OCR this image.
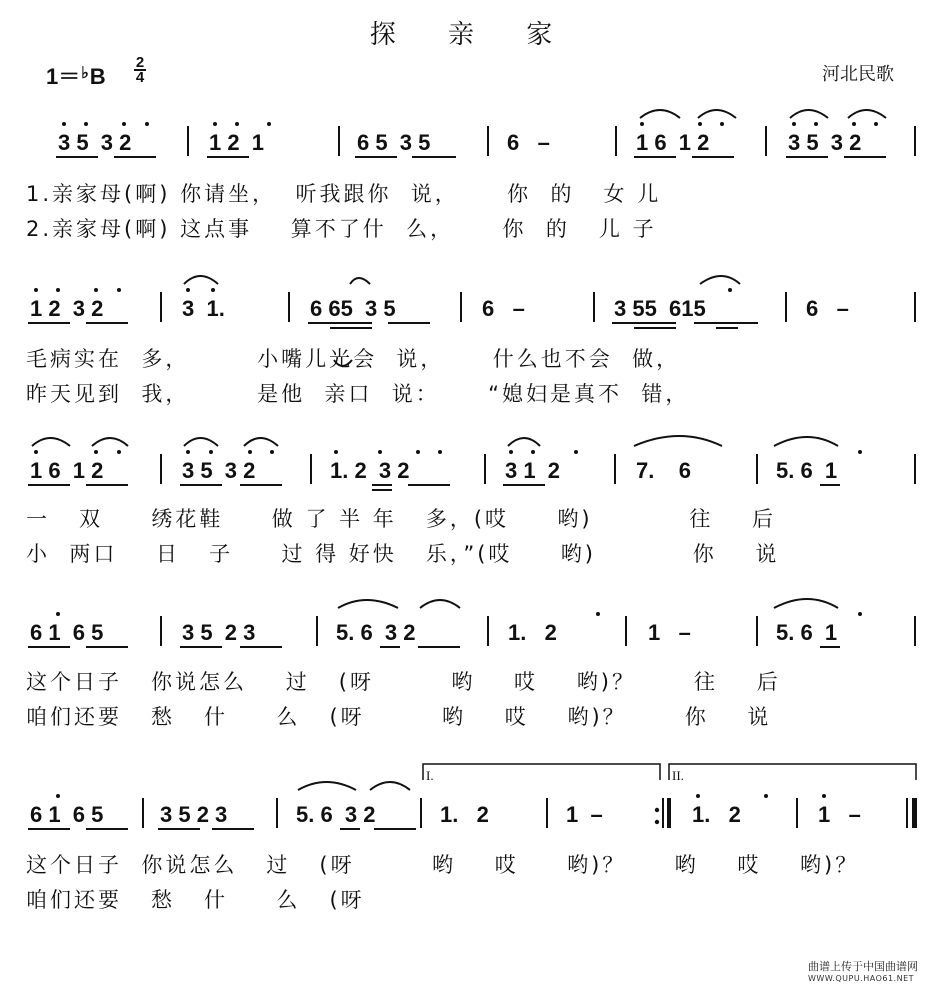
探 亲 家
1＝♭B
2
4	河北民歌
3 5  3 2	1 2  1	6 5  3 5	6   –	1 6  1 2	3 5  3 2
1.亲家母(啊) 你请坐，  听我跟你  说，     你  的   女 儿
2.亲家母(啊) 这点事    算不了什  么，     你  的   儿 子
1 2  3 2	3  1.	6 65  3 5	6   –	3 55  615	6   –
毛病实在  多，       小嘴儿光会  说，     什么也不会  做，
昨天见到  我，       是他  亲口  说：     “媳妇是真不  错，
1 6  1 2	3 5  3 2	1. 2  3 2	3 1  2	7.    6	5. 6  1
一   双     绣花鞋     做 了 半 年   多，(哎     哟)          往    后
小  两口    日   子     过 得 好快   乐，”(哎     哟)          你    说
6 1  6 5	3 5  2 3	5. 6  3 2	1.   2	1   –	5. 6  1
这个日子   你说怎么    过   (呀        哟    哎    哟)？      往    后
咱们还要   愁   什     么   (呀        哟    哎    哟)？      你    说
6 1  6 5	3 5 2 3	5. 6  3 2	1.   2	1  –	1.   2	1   –
I.	II.
这个日子  你说怎么   过   (呀        哟    哎     哟)？     哟    哎    哟)？
咱们还要   愁   什     么   (呀
曲谱上传于中国曲谱网
WWW.QUPU.HAO61.NET
